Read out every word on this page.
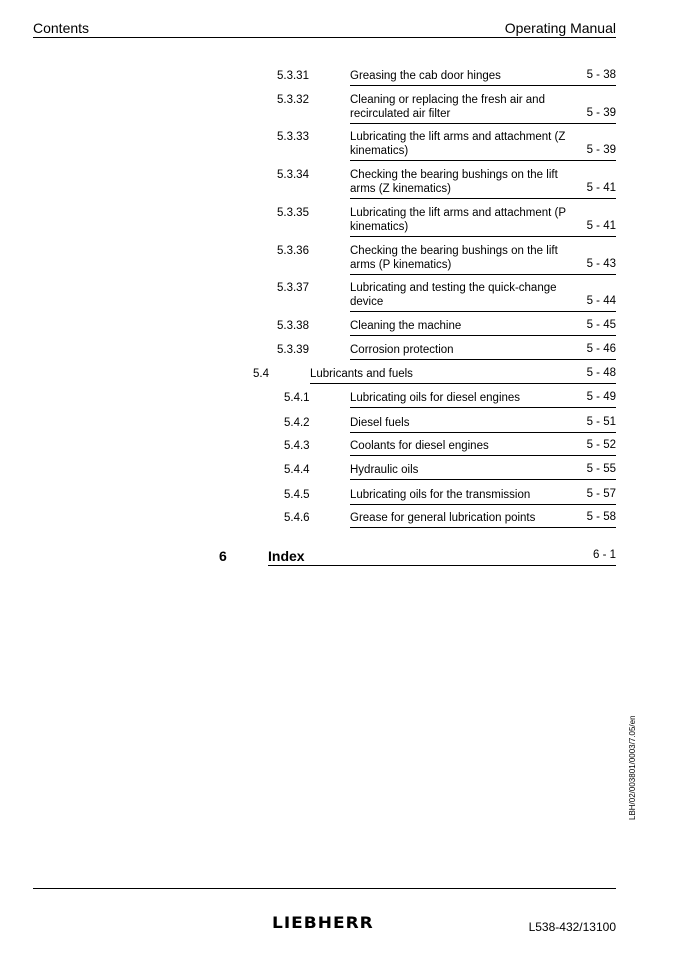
Contents	Operating Manual
5.3.31	Greasing the cab door hinges	5 - 38
5.3.32	Cleaning or replacing the fresh air and recirculated air filter	5 - 39
5.3.33	Lubricating the lift arms and attachment (Z kinematics)	5 - 39
5.3.34	Checking the bearing bushings on the lift arms (Z kinematics)	5 - 41
5.3.35	Lubricating the lift arms and attachment (P kinematics)	5 - 41
5.3.36	Checking the bearing bushings on the lift arms (P kinematics)	5 - 43
5.3.37	Lubricating and testing the quick-change device	5 - 44
5.3.38	Cleaning the machine	5 - 45
5.3.39	Corrosion protection	5 - 46
5.4	Lubricants and fuels	5 - 48
5.4.1	Lubricating oils for diesel engines	5 - 49
5.4.2	Diesel fuels	5 - 51
5.4.3	Coolants for diesel engines	5 - 52
5.4.4	Hydraulic oils	5 - 55
5.4.5	Lubricating oils for the transmission	5 - 57
5.4.6	Grease for general lubrication points	5 - 58
6	Index	6 - 1
LBH/02/003801/0003/7.05/en
LIEBHERR	L538-432/13100
